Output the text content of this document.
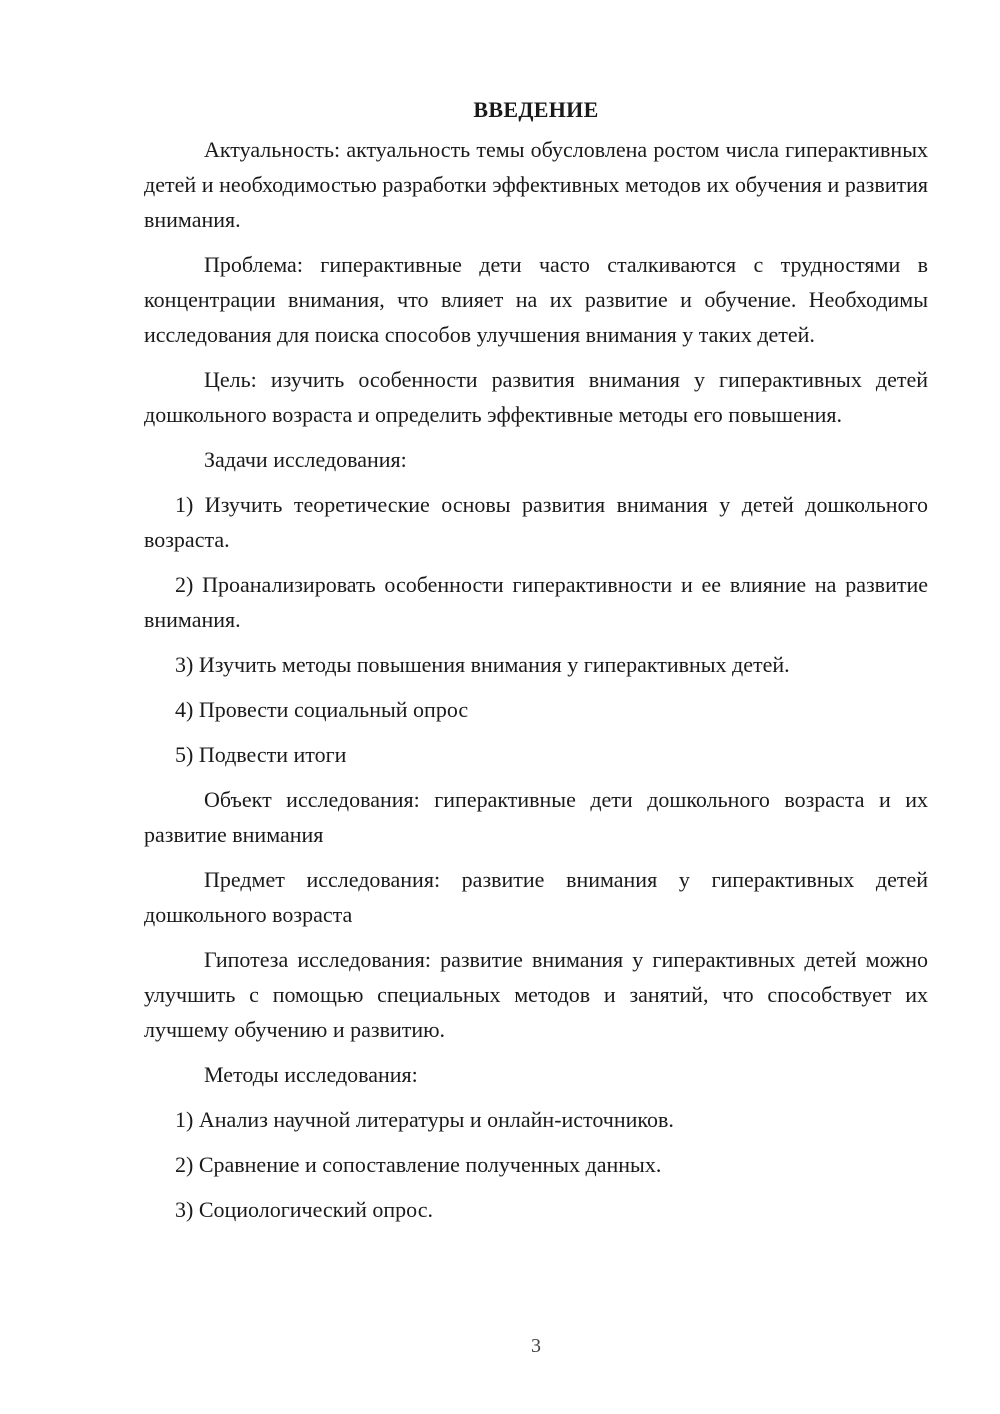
ВВЕДЕНИЕ

Актуальность: актуальность темы обусловлена ростом числа гиперактивных детей и необходимостью разработки эффективных методов их обучения и развития внимания.

Проблема: гиперактивные дети часто сталкиваются с трудностями в концентрации внимания, что влияет на их развитие и обучение. Необходимы исследования для поиска способов улучшения внимания у таких детей.

Цель: изучить особенности развития внимания у гиперактивных детей дошкольного возраста и определить эффективные методы его повышения.

Задачи исследования:

1) Изучить теоретические основы развития внимания у детей дошкольного возраста.

2) Проанализировать особенности гиперактивности и ее влияние на развитие внимания.

3) Изучить методы повышения внимания у гиперактивных детей.

4) Провести социальный опрос

5) Подвести итоги

Объект исследования: гиперактивные дети дошкольного возраста и их развитие внимания

Предмет исследования: развитие внимания у гиперактивных детей дошкольного возраста

Гипотеза исследования: развитие внимания у гиперактивных детей можно улучшить с помощью специальных методов и занятий, что способствует их лучшему обучению и развитию.

Методы исследования:

1) Анализ научной литературы и онлайн-источников.

2) Сравнение и сопоставление полученных данных.

3) Социологический опрос.

3
